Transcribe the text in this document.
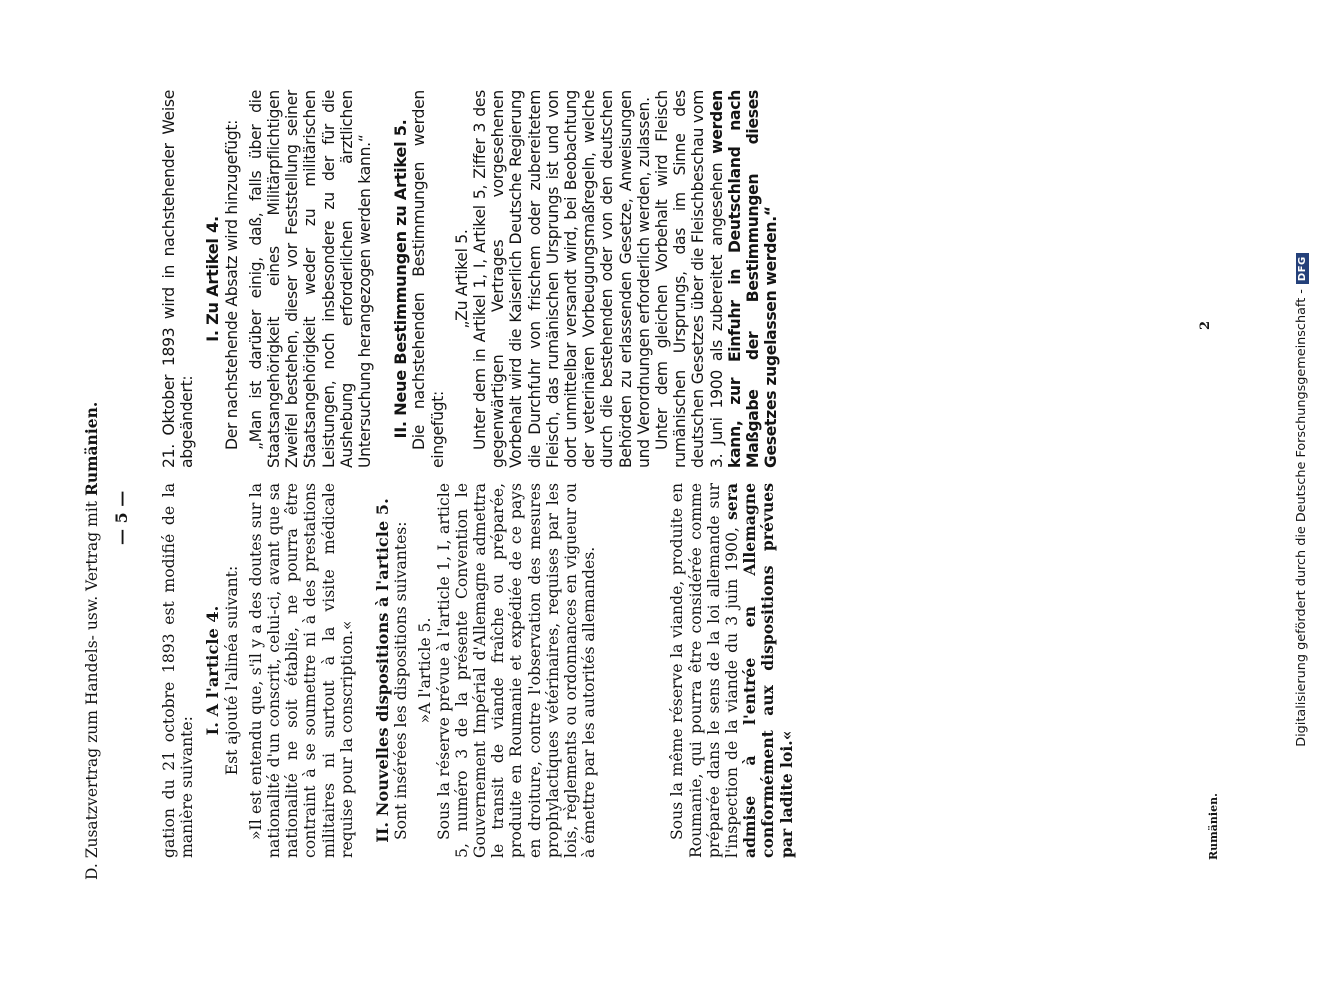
D. Zusatzvertrag zum Handels- usw. Vertrag mit Rumänien.
— 5 — gation du 21 octobre 1893 est modifié de la manière suivante:

I. A l'article 4. Est ajouté l'alinéa suivant: »Il est entendu que, s'il y a des doutes sur la nationalité d'un conscrit, celui-ci, avant que sa nationalité ne soit établie, ne pourra être contraint à se soumettre ni à des prestations militaires ni surtout à la visite médicale requise pour la conscription.« II. Nouvelles dispositions à l'article 5. Sont insérées les dispositions suivantes: »A l'article 5. Sous la réserve prévue à l'article 1, I, article 5, numéro 3 de la présente Convention le Gouvernement Impérial d'Allemagne admettra le transit de viande fraîche ou préparée, produite en Roumanie et expédiée de ce pays en droiture, contre l'observation des mesures prophylactiques vétérinaires, requises par les lois, règlements ou ordonnances en vigueur ou à émettre par les autorités allemandes.	Sous la même réserve la viande, produite en Roumanie, qui pourra être considérée comme préparée dans le sens de la loi allemande sur l'inspection de la viande du 3 juin 1900, sera admise à l'entrée en Allemagne conformément aux dispositions prévues par ladite loi.«

21. Oktober 1893 wird in nachstehender Weise abgeändert:

I. Zu Artikel 4. Der nachstehende Absatz wird hinzugefügt: „Man ist darüber einig, daß, falls über die Staatsangehörigkeit eines Militärpflichtigen Zweifel bestehen, dieser vor Feststellung seiner Staatsangehörigkeit weder zu militärischen Leistungen, noch insbesondere zu der für die Aushebung erforderlichen ärztlichen Untersuchung herangezogen werden kann.“ II. Neue Bestimmungen zu Artikel 5. Die nachstehenden Bestimmungen werden eingefügt:

„Zu Artikel 5. Unter dem in Artikel 1, I, Artikel 5, Ziffer 3 des gegenwärtigen Vertrages vorgesehenen Vorbehalt wird die Kaiserlich Deutsche Regierung die Durchfuhr von frischem oder zubereitetem Fleisch, das rumänischen Ursprungs ist und von dort unmittelbar versandt wird, bei Beobachtung der veterinären Vorbeugungsmaßregeln, welche durch die bestehenden oder von den deutschen Behörden zu erlassenden Gesetze, Anweisungen und Verordnungen erforderlich werden, zulassen. Unter dem gleichen Vorbehalt wird Fleisch rumänischen Ursprungs, das im Sinne des deutschen Gesetzes über die Fleischbeschau vom 3. Juni 1900 als zubereitet angesehen werden kann, zur Einfuhr in Deutschland nach Maßgabe der Bestimmungen dieses Gesetzes zugelassen werden.“

Rumänien.
2	Digitalisierung gefördert durch die Deutsche Forschungsgemeinschaft -DFG
